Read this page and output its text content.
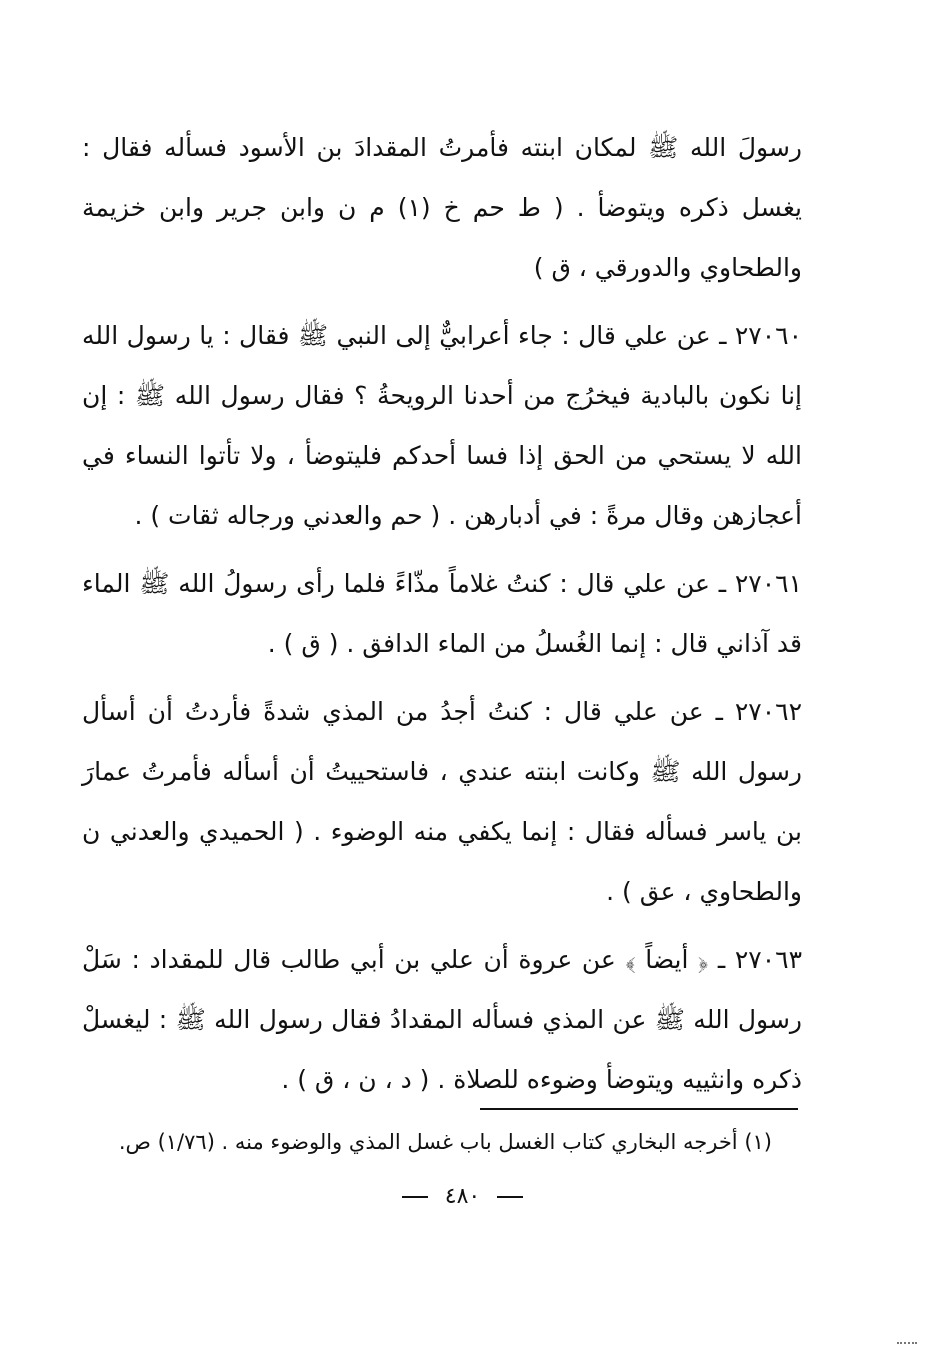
رسولَ الله ﷺ لمكان ابنته فأمرتُ المقدادَ بن الأسود فسأله فقال : يغسل ذكره ويتوضأ . ( ط حم خ (١) م ن وابن جرير وابن خزيمة والطحاوي والدورقي ، ق )

٢٧٠٦٠ ـ عن علي قال : جاء أعرابيٌّ إلى النبي ﷺ فقال : يا رسول الله إنا نكون بالبادية فيخرُج من أحدنا الرويحةُ ؟ فقال رسول الله ﷺ : إن الله لا يستحي من الحق إذا فسا أحدكم فليتوضأ ، ولا تأتوا النساء في أعجازهن وقال مرةً : في أدبارهن . ( حم والعدني ورجاله ثقات ) .

٢٧٠٦١ ـ عن علي قال : كنتُ غلاماً مذّاءً فلما رأى رسولُ الله ﷺ الماء قد آذاني قال : إنما الغُسلُ من الماء الدافق . ( ق ) .

٢٧٠٦٢ ـ عن علي قال : كنتُ أجدُ من المذي شدةً فأردتُ أن أسأل رسول الله ﷺ وكانت ابنته عندي ، فاستحييتُ أن أسأله فأمرتُ عمارَ بن ياسر فسأله فقال : إنما يكفي منه الوضوء . ( الحميدي والعدني ن والطحاوي ، عق ) .

٢٧٠٦٣ ـ ﴿ أيضاً ﴾ عن عروة أن علي بن أبي طالب قال للمقداد : سَلْ رسول الله ﷺ عن المذي فسأله المقدادُ فقال رسول الله ﷺ : ليغسلْ ذكره وانثييه ويتوضأ وضوءه للصلاة . ( د ، ن ، ق ) .

(١) أخرجه البخاري كتاب الغسل باب غسل المذي والوضوء منه . (١/٧٦) ص.
٤٨٠
